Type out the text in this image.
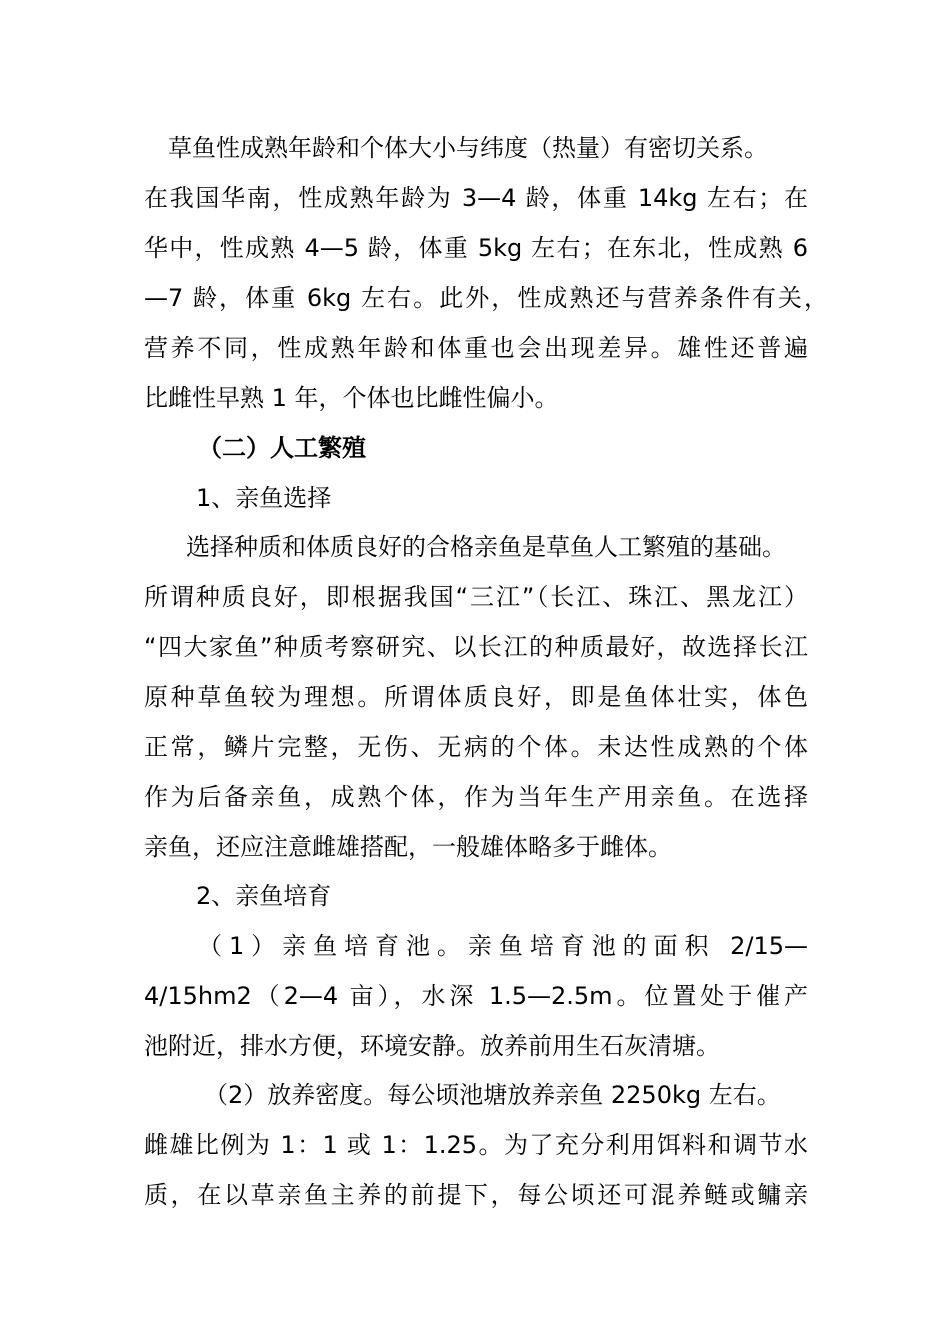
草鱼性成熟年龄和个体大小与纬度（热量）有密切关系。
在我国华南，性成熟年龄为 3—4 龄，体重 14kg 左右；在
华中，性成熟 4—5 龄，体重 5kg 左右；在东北，性成熟 6
—7 龄，体重 6kg 左右。此外，性成熟还与营养条件有关，
营养不同，性成熟年龄和体重也会出现差异。雄性还普遍
比雌性早熟 1 年，个体也比雌性偏小。
（二）人工繁殖
1、亲鱼选择
选择种质和体质良好的合格亲鱼是草鱼人工繁殖的基础。
所谓种质良好，即根据我国“三江”（长江、珠江、黑龙江）
“四大家鱼”种质考察研究、以长江的种质最好，故选择长江
原种草鱼较为理想。所谓体质良好，即是鱼体壮实，体色
正常，鳞片完整，无伤、无病的个体。未达性成熟的个体
作为后备亲鱼，成熟个体，作为当年生产用亲鱼。在选择
亲鱼，还应注意雌雄搭配，一般雄体略多于雌体。
2、亲鱼培育
（1）亲鱼培育池。亲鱼培育池的面积 2/15—
4/15hm2（2—4 亩），水深 1.5—2.5m。位置处于催产
池附近，排水方便，环境安静。放养前用生石灰清塘。
（2）放养密度。每公顷池塘放养亲鱼 2250kg 左右。
雌雄比例为 1：1 或 1：1.25。为了充分利用饵料和调节水
质，在以草亲鱼主养的前提下，每公顷还可混养鲢或鳙亲
